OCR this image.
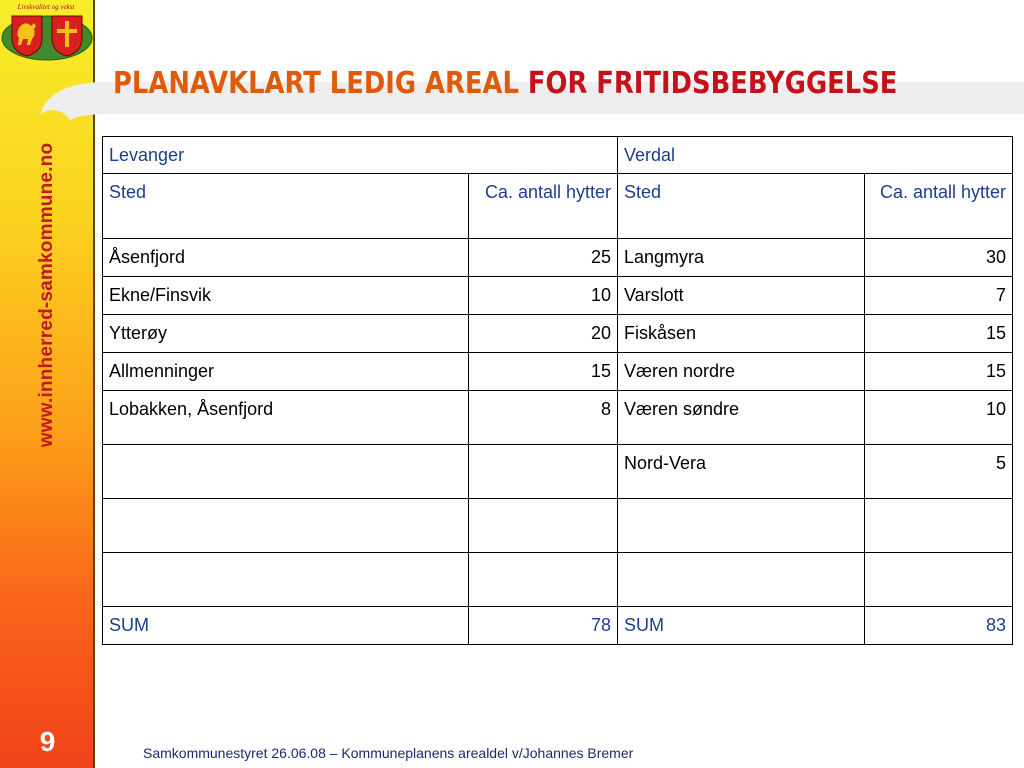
Livskvalitet og vekst
www.innherred-samkommune.no
9
PLANAVKLART LEDIG AREAL FOR FRITIDSBEBYGGELSE
Levanger		Verdal	
Sted	Ca. antall hytter	Sted	Ca. antall hytter
Åsenfjord	25	Langmyra	30
Ekne/Finsvik	10	Varslott	7
Ytterøy	20	Fiskåsen	15
Allmenninger	15	Væren nordre	15
Lobakken, Åsenfjord	8	Væren søndre	10
		Nord-Vera	5

SUM	78	SUM	83
Samkommunestyret 26.06.08 – Kommuneplanens arealdel v/Johannes Bremer
